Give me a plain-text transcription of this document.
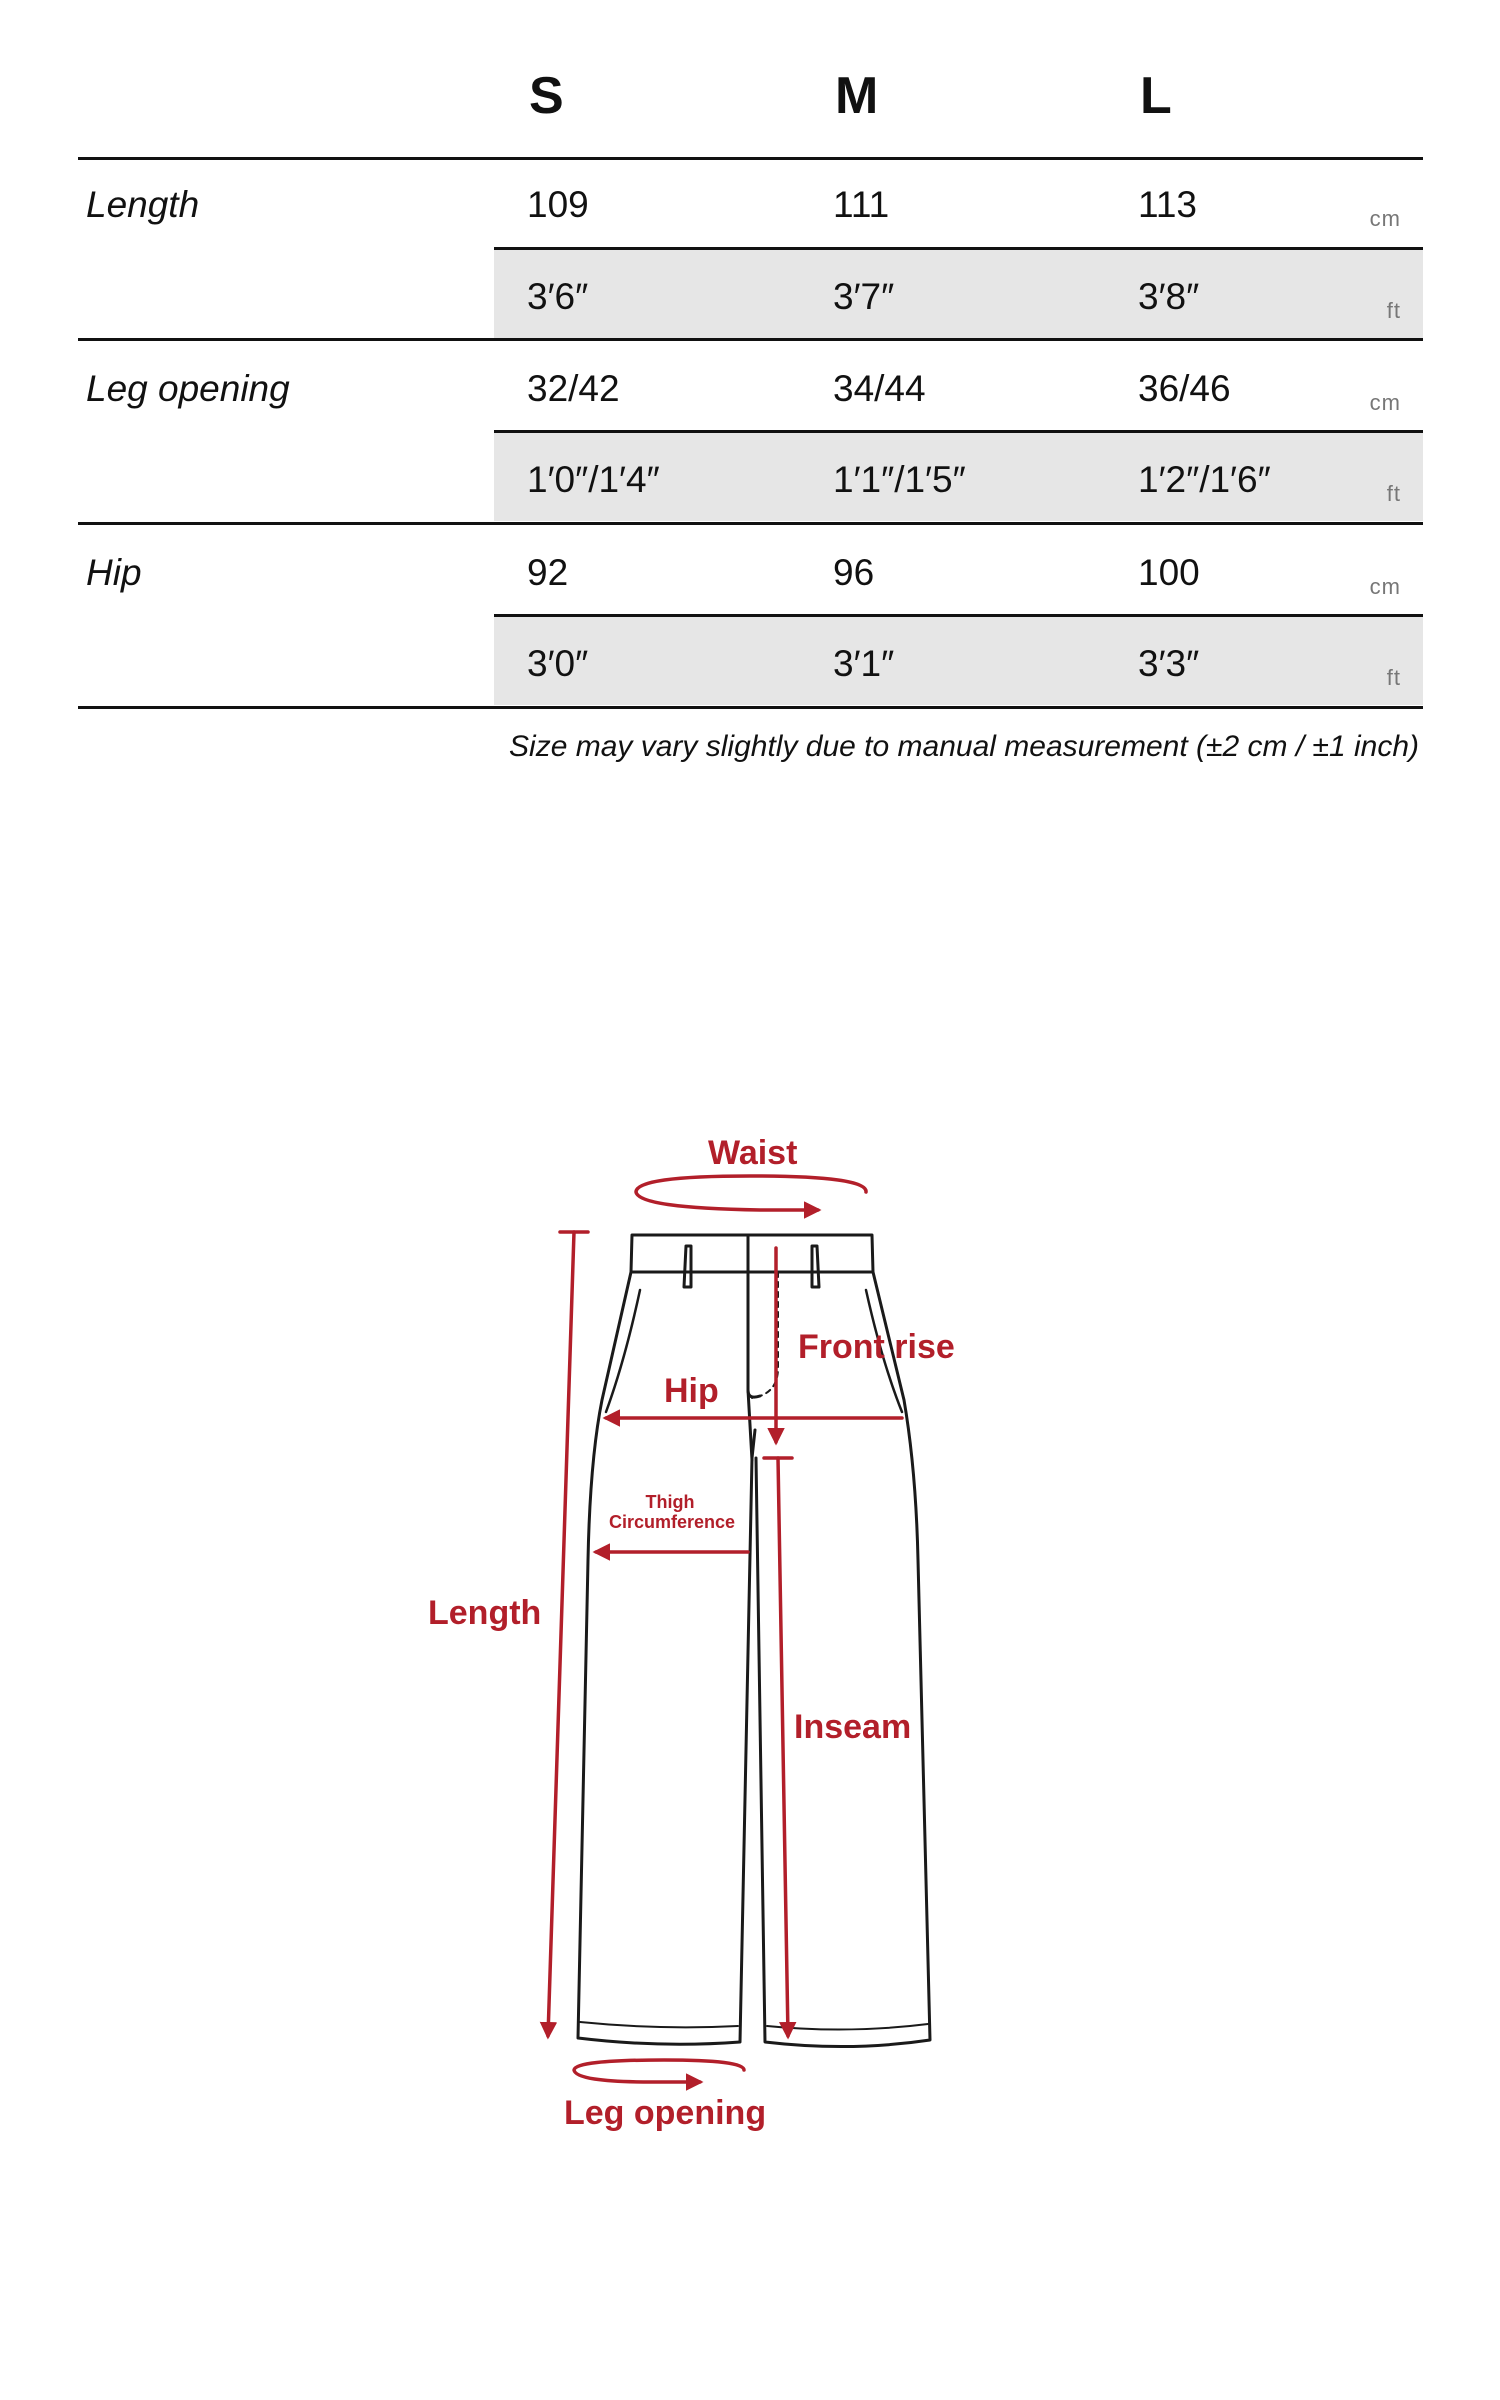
S	M	L
Length	109	111	113	cm
3′6″	3′7″	3′8″	ft
Leg opening	32/42	34/44	36/46	cm
1′0″/1′4″	1′1″/1′5″	1′2″/1′6″	ft
Hip	92	96	100	cm
3′0″	3′1″	3′3″	ft
Size may vary slightly due to manual measurement (±2 cm / ±1 inch)
Waist
Front rise
Hip
Thigh
Circumference
Length
Inseam
Leg opening
